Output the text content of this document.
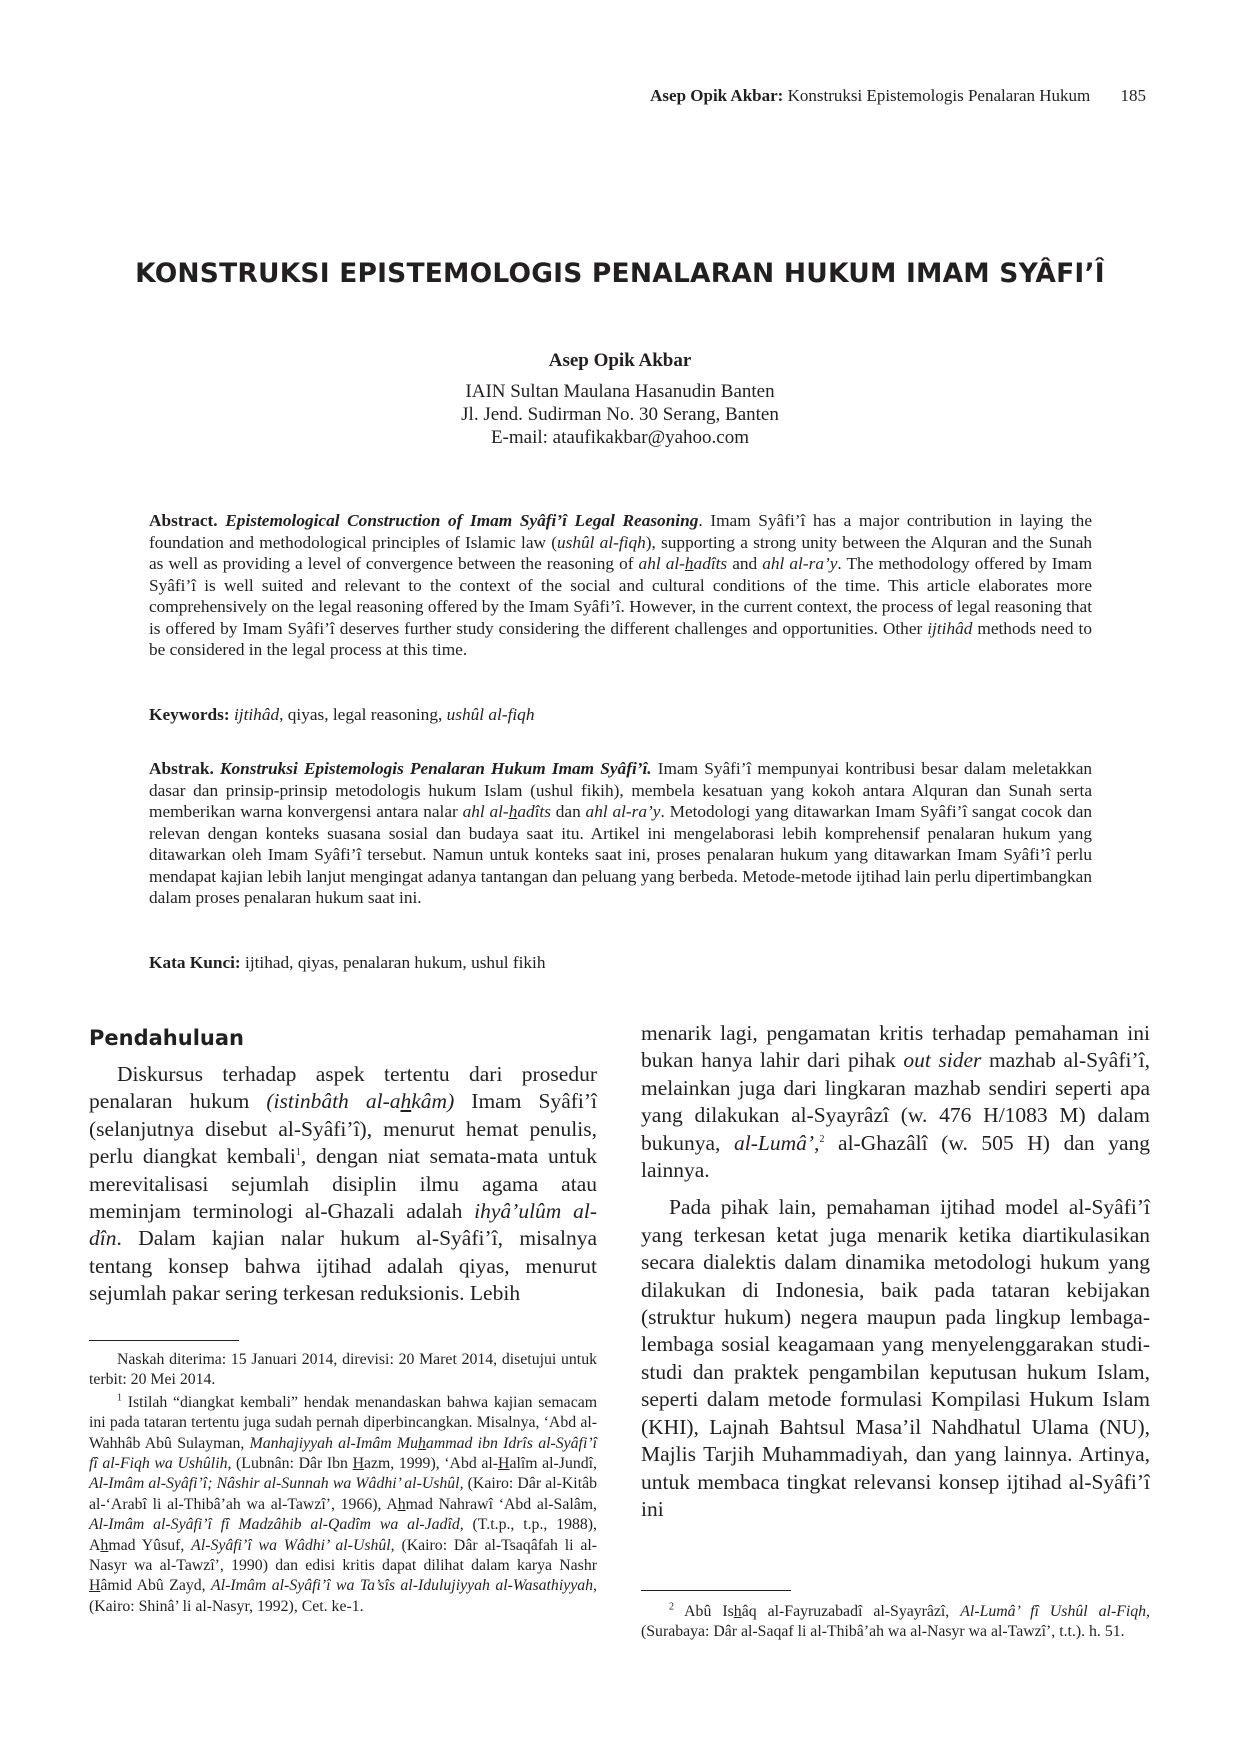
Asep Opik Akbar: Konstruksi Epistemologis Penalaran Hukum 185
KONSTRUKSI EPISTEMOLOGIS PENALARAN HUKUM IMAM SYÂFI’Î
Asep Opik Akbar
IAIN Sultan Maulana Hasanudin Banten
Jl. Jend. Sudirman No. 30 Serang, Banten
E-mail: ataufikakbar@yahoo.com
Abstract. Epistemological Construction of Imam Syâfi’î Legal Reasoning. Imam Syâfi’î has a major contribution in laying the foundation and methodological principles of Islamic law (ushûl al-fiqh), supporting a strong unity between the Alquran and the Sunah as well as providing a level of convergence between the reasoning of ahl al-hadîts and ahl al-ra’y. The methodology offered by Imam Syâfi’î is well suited and relevant to the context of the social and cultural conditions of the time. This article elaborates more comprehensively on the legal reasoning offered by the Imam Syâfi’î. However, in the current context, the process of legal reasoning that is offered by Imam Syâfi’î deserves further study considering the different challenges and opportunities. Other ijtihâd methods need to be considered in the legal process at this time.
Keywords: ijtihâd, qiyas, legal reasoning, ushûl al-fiqh
Abstrak. Konstruksi Epistemologis Penalaran Hukum Imam Syâfi’î. Imam Syâfi’î mempunyai kontribusi besar dalam meletakkan dasar dan prinsip-prinsip metodologis hukum Islam (ushul fikih), membela kesatuan yang kokoh antara Alquran dan Sunah serta memberikan warna konvergensi antara nalar ahl al-hadîts dan ahl al-ra’y. Metodologi yang ditawarkan Imam Syâfi’î sangat cocok dan relevan dengan konteks suasana sosial dan budaya saat itu. Artikel ini mengelaborasi lebih komprehensif penalaran hukum yang ditawarkan oleh Imam Syâfi’î tersebut. Namun untuk konteks saat ini, proses penalaran hukum yang ditawarkan Imam Syâfi’î perlu mendapat kajian lebih lanjut mengingat adanya tantangan dan peluang yang berbeda. Metode-metode ijtihad lain perlu dipertimbangkan dalam proses penalaran hukum saat ini.
Kata Kunci: ijtihad, qiyas, penalaran hukum, ushul fikih
Pendahuluan

Diskursus terhadap aspek tertentu dari prosedur penalaran hukum (istinbâth al-ahkâm) Imam Syâfi’î (selanjutnya disebut al-Syâfi’î), menurut hemat penulis, perlu diangkat kembali$^1$, dengan niat semata-mata untuk merevitalisasi sejumlah disiplin ilmu agama atau meminjam terminologi al-Ghazali adalah ihyâ’ulûm al-dîn. Dalam kajian nalar hukum al-Syâfi’î, misalnya tentang konsep bahwa ijtihad adalah qiyas, menurut sejumlah pakar sering terkesan reduksionis. Lebih

menarik lagi, pengamatan kritis terhadap pemahaman ini bukan hanya lahir dari pihak out sider mazhab al-Syâfi’î, melainkan juga dari lingkaran mazhab sendiri seperti apa yang dilakukan al-Syayrâzî (w. 476 H/1083 M) dalam bukunya, al-Lumâ’,$^2$ al-Ghazâlî (w. 505 H) dan yang lainnya.

Pada pihak lain, pemahaman ijtihad model al-Syâfi’î yang terkesan ketat juga menarik ketika diartikulasikan secara dialektis dalam dinamika metodologi hukum yang dilakukan di Indonesia, baik pada tataran kebijakan (struktur hukum) negera maupun pada lingkup lembaga-lembaga sosial keagamaan yang menyelenggarakan studi-studi dan praktek pengambilan keputusan hukum Islam, seperti dalam metode formulasi Kompilasi Hukum Islam (KHI), Lajnah Bahtsul Masa’il Nahdhatul Ulama (NU), Majlis Tarjih Muhammadiyah, dan yang lainnya. Artinya, untuk membaca tingkat relevansi konsep ijtihad al-Syâfi’î ini

Naskah diterima: 15 Januari 2014, direvisi: 20 Maret 2014, disetujui untuk terbit: 20 Mei 2014.

$^1$ Istilah “diangkat kembali” hendak menandaskan bahwa kajian semacam ini pada tataran tertentu juga sudah pernah diperbincangkan. Misalnya, ‘Abd al-Wahhâb Abû Sulayman, Manhajiyyah al-Imâm Muhammad ibn Idrîs al-Syâfi’î fî al-Fiqh wa Ushûlih, (Lubnân: Dâr Ibn Hazm, 1999), ‘Abd al-Halîm al-Jundî, Al-Imâm al-Syâfi’î; Nâshir al-Sunnah wa Wâdhi’ al-Ushûl, (Kairo: Dâr al-Kitâb al-‘Arabî li al-Thibâ’ah wa al-Tawzî’, 1966), Ahmad Nahrawî ‘Abd al-Salâm, Al-Imâm al-Syâfi’î fî Madzâhib al-Qadîm wa al-Jadîd, (T.t.p., t.p., 1988), Ahmad Yûsuf, Al-Syâfi’î wa Wâdhi’ al-Ushûl, (Kairo: Dâr al-Tsaqâfah li al-Nasyr wa al-Tawzî’, 1990) dan edisi kritis dapat dilihat dalam karya Nashr Hâmid Abû Zayd, Al-Imâm al-Syâfi’î wa Ta’sîs al-Idulujiyyah al-Wasathiyyah, (Kairo: Shinâ’ li al-Nasyr, 1992), Cet. ke-1.	$^2$ Abû Ishâq al-Fayruzabadî al-Syayrâzî, Al-Lumâ’ fî Ushûl al-Fiqh, (Surabaya: Dâr al-Saqaf li al-Thibâ’ah wa al-Nasyr wa al-Tawzî’, t.t.). h. 51.
